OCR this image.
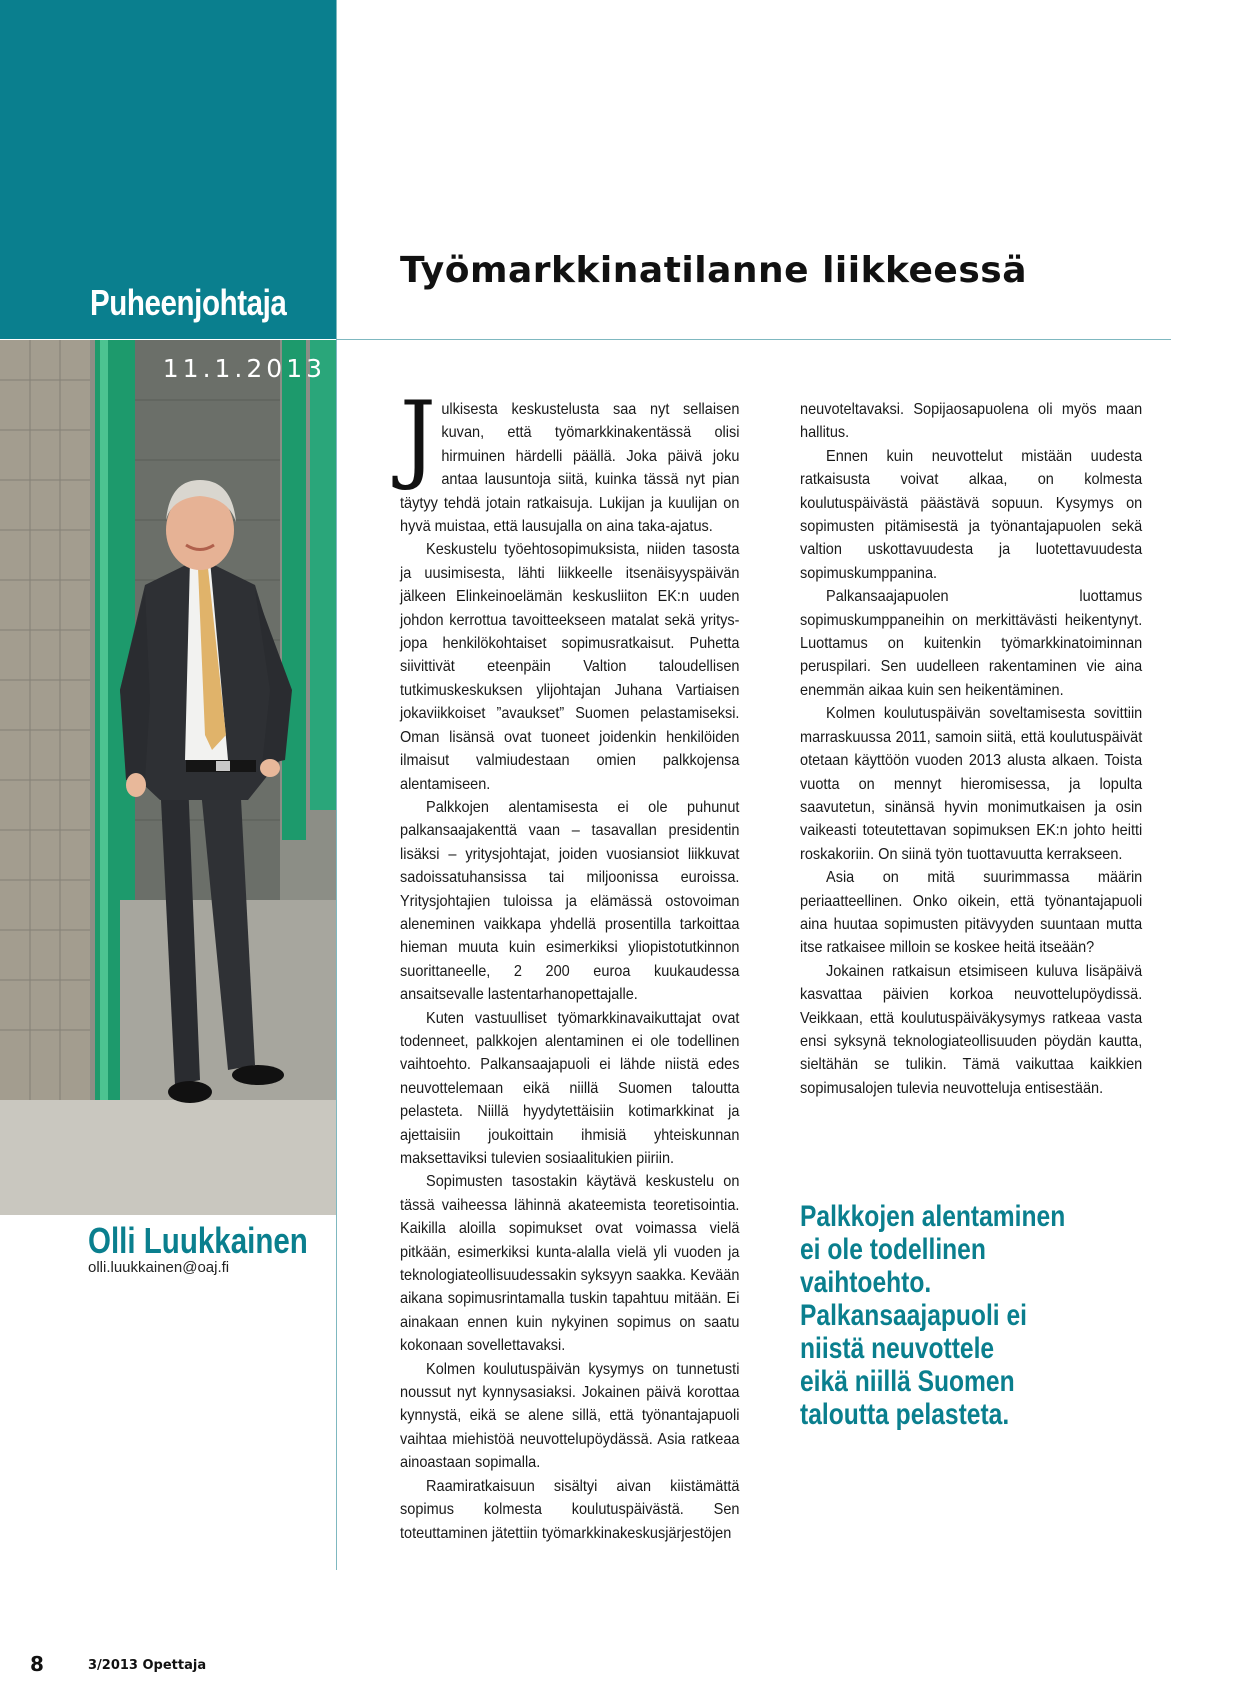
Puheenjohtaja
Työmarkkinatilanne liikkeessä
11.1.2013
Olli Luukkainen
olli.luukkainen@oaj.fi

Julkisesta keskustelusta saa nyt sellaisen kuvan, että työmarkkinakentässä olisi hirmuinen härdelli päällä. Joka päivä joku antaa lausuntoja siitä, kuinka tässä nyt pian täytyy tehdä jotain ratkaisuja. Lukijan ja kuulijan on hyvä muistaa, että lausujalla on aina taka-ajatus.

Keskustelu työehtosopimuksista, niiden tasosta ja uusimisesta, lähti liikkeelle itsenäisyyspäivän jälkeen Elinkeinoelämän keskusliiton EK:n uuden johdon kerrottua tavoitteekseen matalat sekä yritys- jopa henkilökohtaiset sopimusratkaisut. Puhetta siivittivät eteenpäin Valtion taloudellisen tutkimuskeskuksen ylijohtajan Juhana Vartiaisen jokaviikkoiset ”avaukset” Suomen pelastamiseksi. Oman lisänsä ovat tuoneet joidenkin henkilöiden ilmaisut valmiudestaan omien palkkojensa alentamiseen.

Palkkojen alentamisesta ei ole puhunut palkansaajakenttä vaan – tasavallan presidentin lisäksi – yritysjohtajat, joiden vuosiansiot liikkuvat sadoissatuhansissa tai miljoonissa euroissa. Yritysjohtajien tuloissa ja elämässä ostovoiman aleneminen vaikkapa yhdellä prosentilla tarkoittaa hieman muuta kuin esimerkiksi yliopistotutkinnon suorittaneelle, 2 200 euroa kuukaudessa ansaitsevalle lastentarhanopettajalle.

Kuten vastuulliset työmarkkinavaikuttajat ovat todenneet, palkkojen alentaminen ei ole todellinen vaihtoehto. Palkansaajapuoli ei lähde niistä edes neuvottelemaan eikä niillä Suomen taloutta pelasteta. Niillä hyydytettäisiin kotimarkkinat ja ajettaisiin joukoittain ihmisiä yhteiskunnan maksettaviksi tulevien sosiaalitukien piiriin.

Sopimusten tasostakin käytävä keskustelu on tässä vaiheessa lähinnä akateemista teoretisointia. Kaikilla aloilla sopimukset ovat voimassa vielä pitkään, esimerkiksi kunta-alalla vielä yli vuoden ja teknologiateollisuudessakin syksyyn saakka. Kevään aikana sopimusrintamalla tuskin tapahtuu mitään. Ei ainakaan ennen kuin nykyinen sopimus on saatu kokonaan sovellettavaksi.

Kolmen koulutuspäivän kysymys on tunnetusti noussut nyt kynnysasiaksi. Jokainen päivä korottaa kynnystä, eikä se alene sillä, että työnantajapuoli vaihtaa miehistöä neuvottelupöydässä. Asia ratkeaa ainoastaan sopimalla.

Raamiratkaisuun sisältyi aivan kiistämättä sopimus kolmesta koulutuspäivästä. Sen toteuttaminen jätettiin työmarkkinakeskusjärjestöjen

neuvoteltavaksi. Sopijaosapuolena oli myös maan hallitus.

Ennen kuin neuvottelut mistään uudesta ratkaisusta voivat alkaa, on kolmesta koulutuspäivästä päästävä sopuun. Kysymys on sopimusten pitämisestä ja työnantajapuolen sekä valtion uskottavuudesta ja luotettavuudesta sopimuskumppanina.

Palkansaajapuolen luottamus sopimuskumppaneihin on merkittävästi heikentynyt. Luottamus on kuitenkin työmarkkinatoiminnan peruspilari. Sen uudelleen rakentaminen vie aina enemmän aikaa kuin sen heikentäminen.

Kolmen koulutuspäivän soveltamisesta sovittiin marraskuussa 2011, samoin siitä, että koulutuspäivät otetaan käyttöön vuoden 2013 alusta alkaen. Toista vuotta on mennyt hieromisessa, ja lopulta saavutetun, sinänsä hyvin monimutkaisen ja osin vaikeasti toteutettavan sopimuksen EK:n johto heitti roskakoriin. On siinä työn tuottavuutta kerrakseen.

Asia on mitä suurimmassa määrin periaatteellinen. Onko oikein, että työnantajapuoli aina huutaa sopimusten pitävyyden suuntaan mutta itse ratkaisee milloin se koskee heitä itseään?

Jokainen ratkaisun etsimiseen kuluva lisäpäivä kasvattaa päivien korkoa neuvottelupöydissä. Veikkaan, että koulutuspäiväkysymys ratkeaa vasta ensi syksynä teknologiateollisuuden pöydän kautta, sieltähän se tulikin. Tämä vaikuttaa kaikkien sopimusalojen tulevia neuvotteluja entisestään.

Palkkojen alentaminen
ei ole todellinen
vaihtoehto.
Palkansaajapuoli ei
niistä neuvottele
eikä niillä Suomen
taloutta pelasteta.
8	3/2013 Opettaja
